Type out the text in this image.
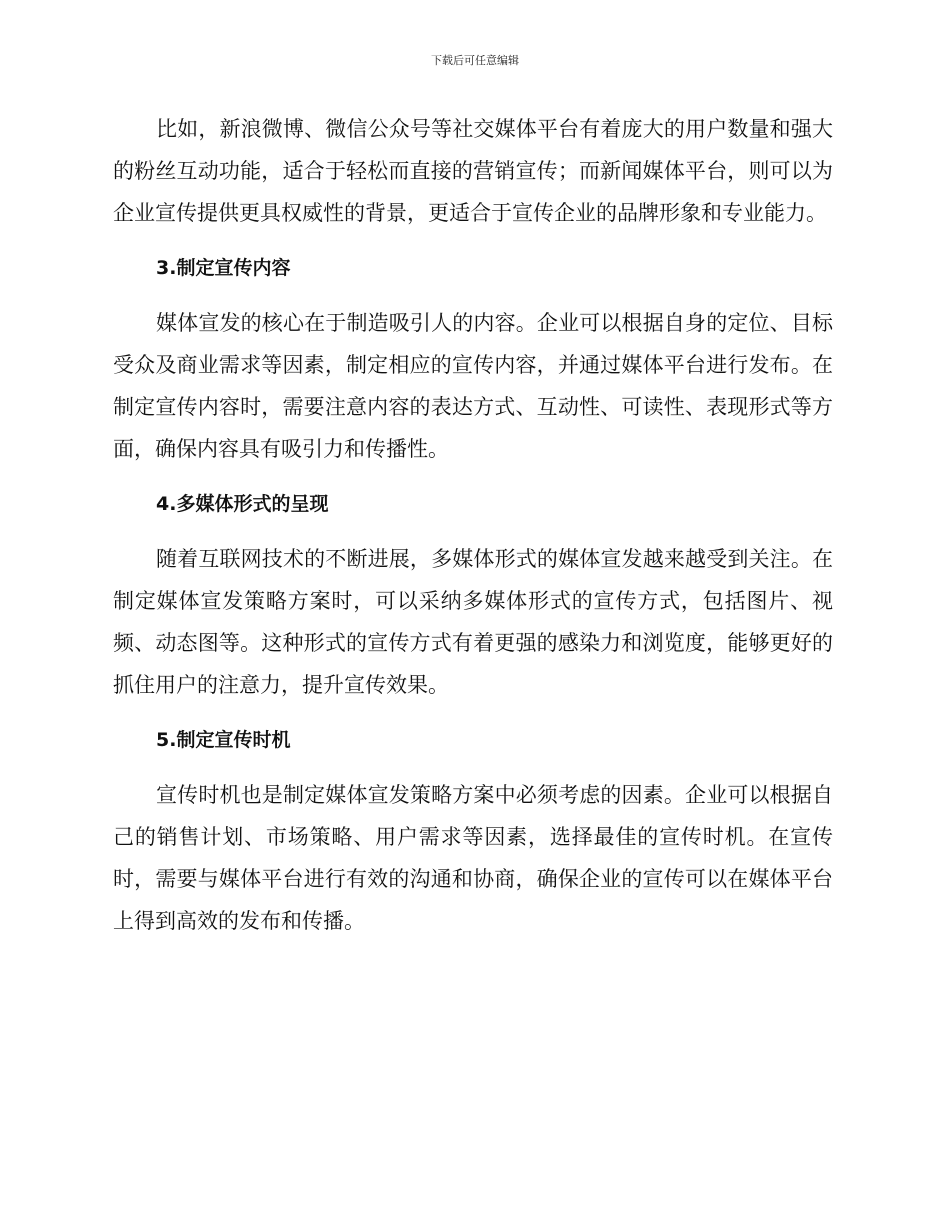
下载后可任意编辑

比如，新浪微博、微信公众号等社交媒体平台有着庞大的用户数量和强大的粉丝互动功能，适合于轻松而直接的营销宣传；而新闻媒体平台，则可以为企业宣传提供更具权威性的背景，更适合于宣传企业的品牌形象和专业能力。

3.制定宣传内容

媒体宣发的核心在于制造吸引人的内容。企业可以根据自身的定位、目标受众及商业需求等因素，制定相应的宣传内容，并通过媒体平台进行发布。在制定宣传内容时，需要注意内容的表达方式、互动性、可读性、表现形式等方面，确保内容具有吸引力和传播性。

4.多媒体形式的呈现

随着互联网技术的不断进展，多媒体形式的媒体宣发越来越受到关注。在制定媒体宣发策略方案时，可以采纳多媒体形式的宣传方式，包括图片、视频、动态图等。这种形式的宣传方式有着更强的感染力和浏览度，能够更好的抓住用户的注意力，提升宣传效果。

5.制定宣传时机

宣传时机也是制定媒体宣发策略方案中必须考虑的因素。企业可以根据自己的销售计划、市场策略、用户需求等因素，选择最佳的宣传时机。在宣传时，需要与媒体平台进行有效的沟通和协商，确保企业的宣传可以在媒体平台上得到高效的发布和传播。
